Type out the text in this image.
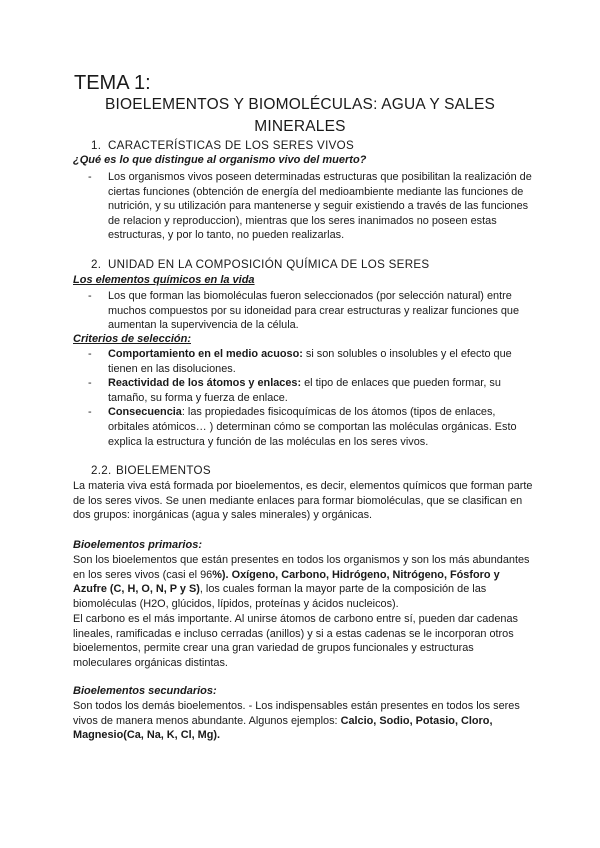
TEMA 1:
BIOELEMENTOS Y BIOMOLÉCULAS: AGUA Y SALES
MINERALES
1. CARACTERÍSTICAS DE LOS SERES VIVOS
¿Qué es lo que distingue al organismo vivo del muerto?
- Los organismos vivos poseen determinadas estructuras que posibilitan la realización de ciertas funciones (obtención de energía del medioambiente mediante las funciones de nutrición, y su utilización para mantenerse y seguir existiendo a través de las funciones de relacion y reproduccion), mientras que los seres inanimados no poseen estas estructuras, y por lo tanto, no pueden realizarlas.
2. UNIDAD EN LA COMPOSICIÓN QUÍMICA DE LOS SERES
Los elementos químicos en la vida
- Los que forman las biomoléculas fueron seleccionados (por selección natural) entre muchos compuestos por su idoneidad para crear estructuras y realizar funciones que aumentan la supervivencia de la célula.
Criterios de selección:
- Comportamiento en el medio acuoso: si son solubles o insolubles y el efecto que tienen en las disoluciones.
- Reactividad de los átomos y enlaces: el tipo de enlaces que pueden formar, su tamaño, su forma y fuerza de enlace.
- Consecuencia: las propiedades fisicoquímicas de los átomos (tipos de enlaces, orbitales atómicos… ) determinan cómo se comportan las moléculas orgánicas. Esto explica la estructura y función de las moléculas en los seres vivos.
2.2. BIOELEMENTOS
La materia viva está formada por bioelementos, es decir, elementos químicos que forman parte de los seres vivos. Se unen mediante enlaces para formar biomoléculas, que se clasifican en dos grupos: inorgánicas (agua y sales minerales) y orgánicas.
Bioelementos primarios:
Son los bioelementos que están presentes en todos los organismos y son los más abundantes en los seres vivos (casi el 96%). Oxígeno, Carbono, Hidrógeno, Nitrógeno, Fósforo y Azufre (C, H, O, N, P y S), los cuales forman la mayor parte de la composición de las biomoléculas (H2O, glúcidos, lípidos, proteínas y ácidos nucleicos).
El carbono es el más importante. Al unirse átomos de carbono entre sí, pueden dar cadenas lineales, ramificadas e incluso cerradas (anillos) y si a estas cadenas se le incorporan otros bioelementos, permite crear una gran variedad de grupos funcionales y estructuras moleculares orgánicas distintas.
Bioelementos secundarios:
Son todos los demás bioelementos. - Los indispensables están presentes en todos los seres vivos de manera menos abundante. Algunos ejemplos: Calcio, Sodio, Potasio, Cloro, Magnesio(Ca, Na, K, Cl, Mg).
